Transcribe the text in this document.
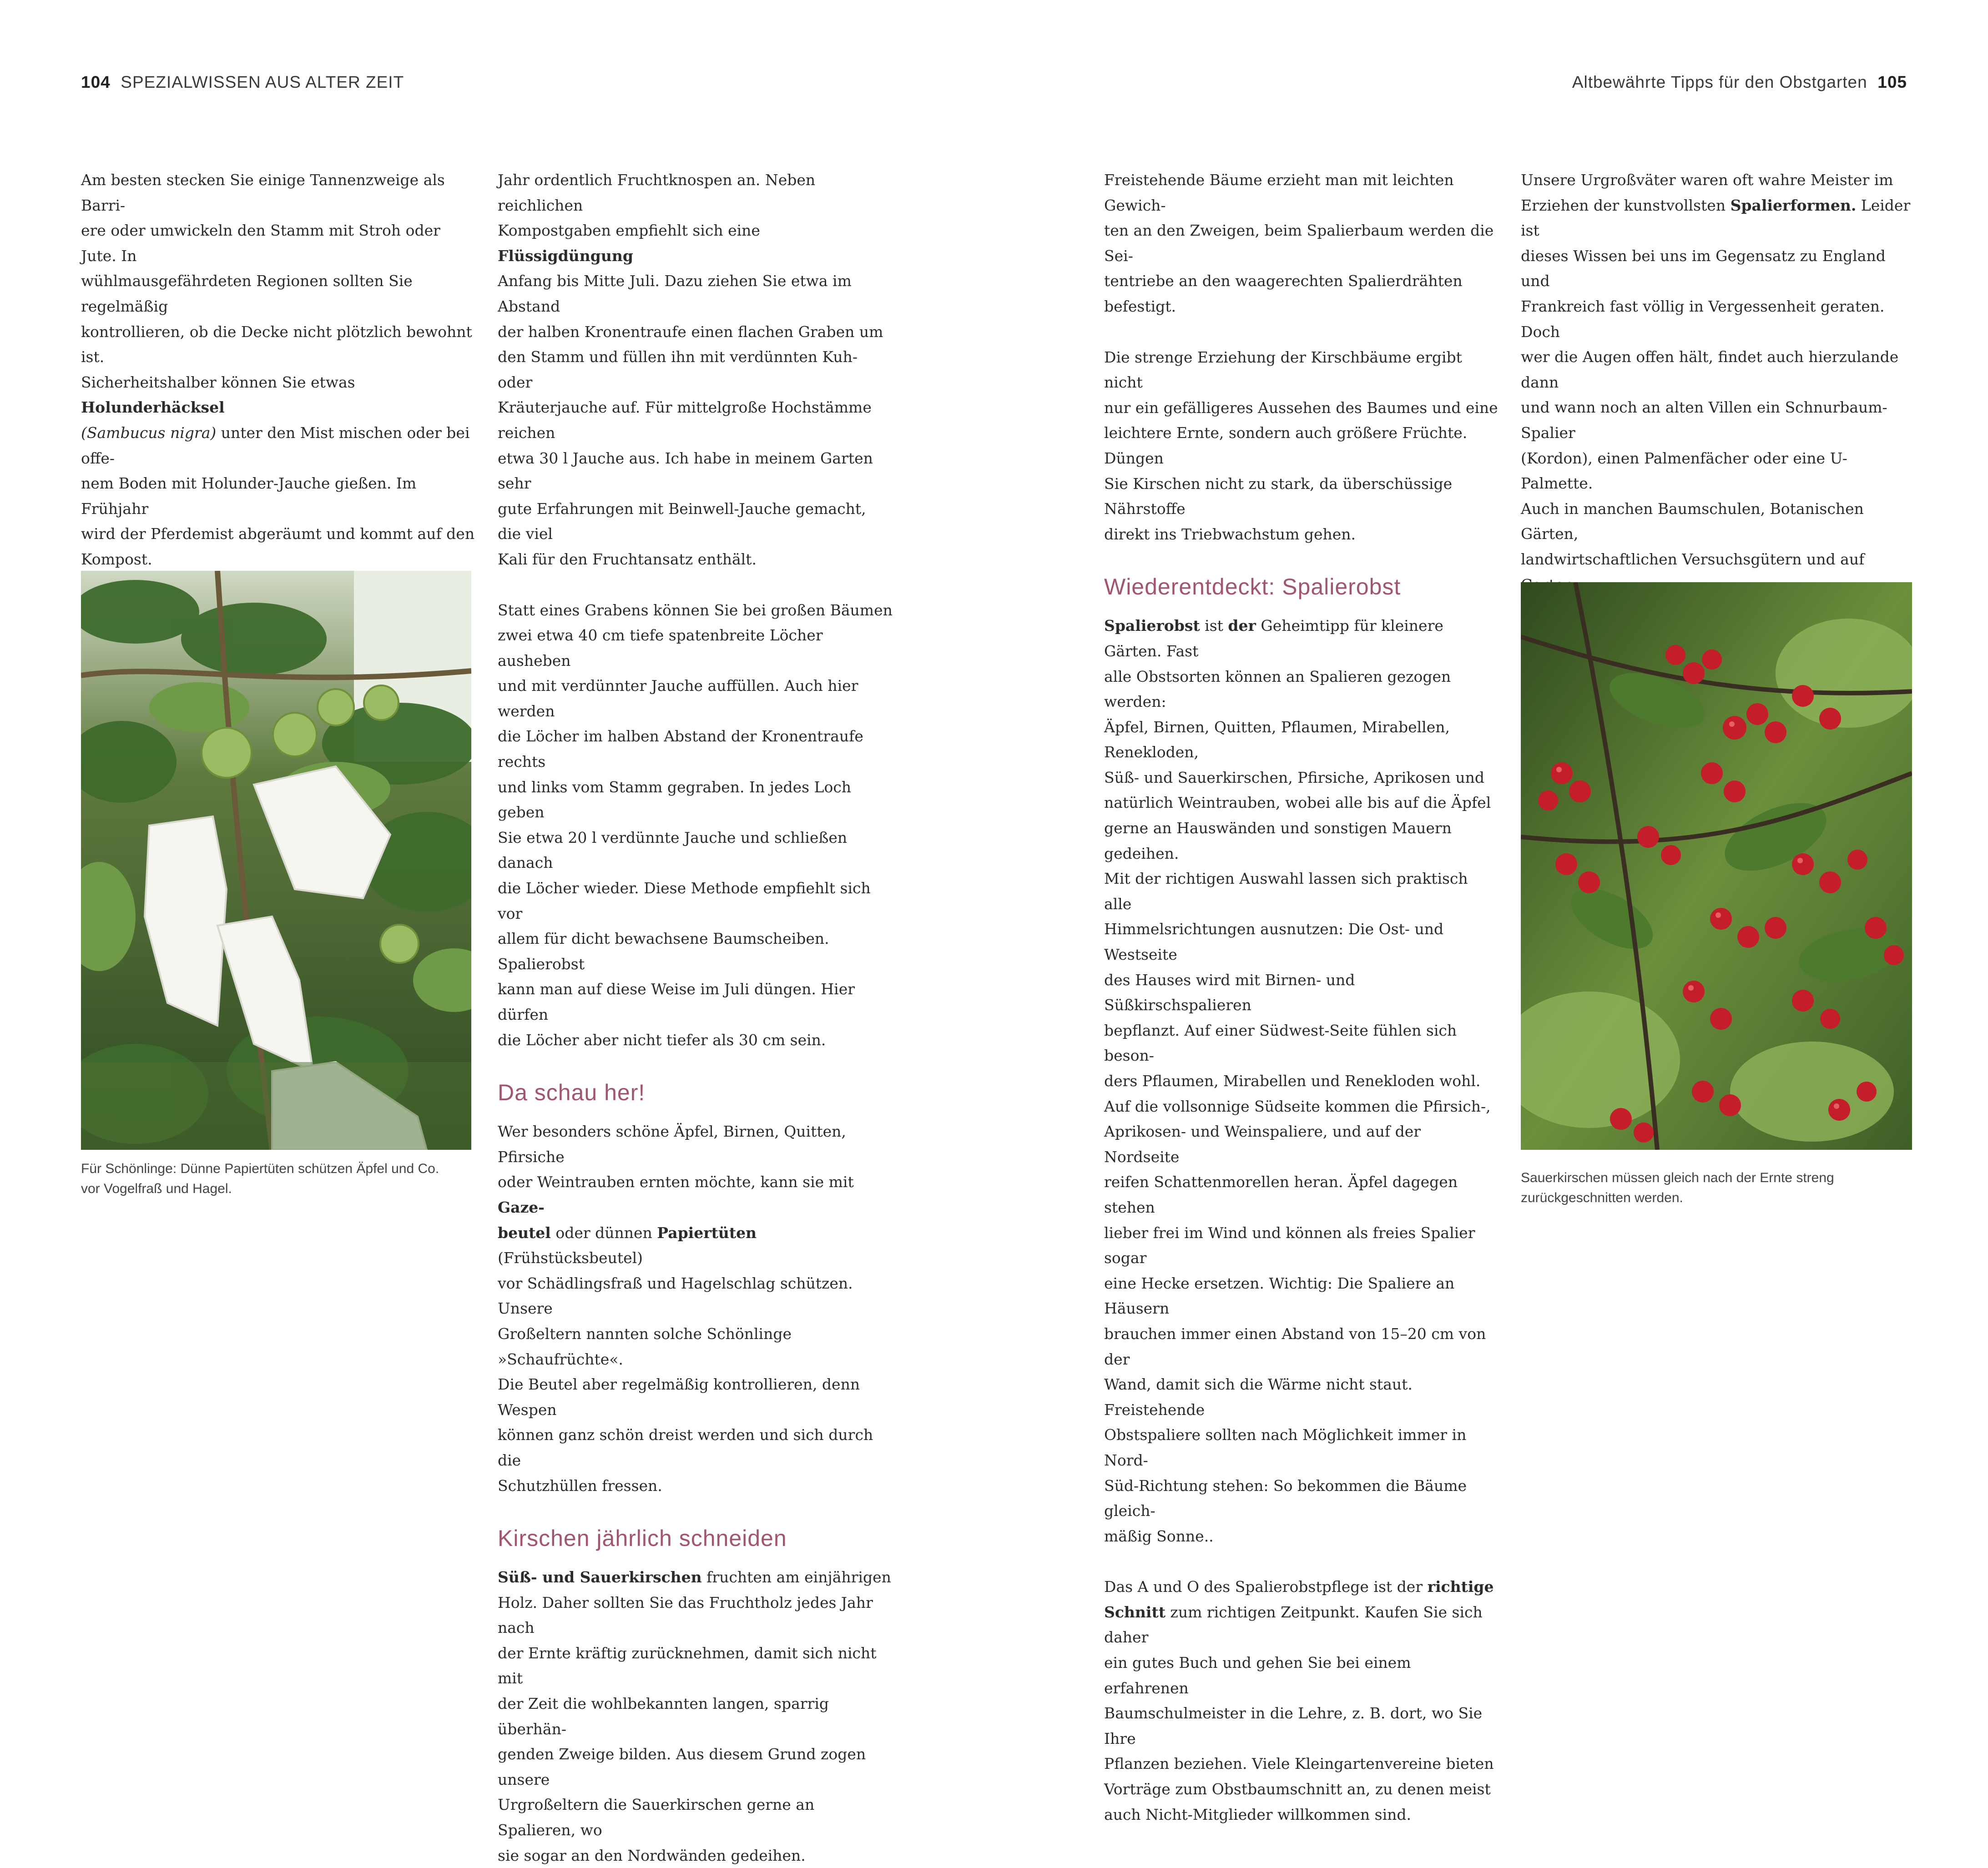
104 SPEZIALWISSEN AUS ALTER ZEIT

Am besten stecken Sie einige Tannenzweige als Barri-
ere oder umwickeln den Stamm mit Stroh oder Jute. In
wühlmausgefährdeten Regionen sollten Sie regelmäßig
kontrollieren, ob die Decke nicht plötzlich bewohnt ist.
Sicherheitshalber können Sie etwas Holunderhäcksel
(Sambucus nigra) unter den Mist mischen oder bei offe-
nem Boden mit Holunder-Jauche gießen. Im Frühjahr
wird der Pferdemist abgeräumt und kommt auf den
Kompost.

Für Schönlinge: Dünne Papiertüten schützen Äpfel und Co.
vor Vogelfraß und Hagel.

Jahr ordentlich Fruchtknospen an. Neben reichlichen
Kompostgaben empfiehlt sich eine Flüssigdüngung
Anfang bis Mitte Juli. Dazu ziehen Sie etwa im Abstand
der halben Kronentraufe einen flachen Graben um
den Stamm und füllen ihn mit verdünnten Kuh- oder
Kräuterjauche auf. Für mittelgroße Hochstämme reichen
etwa 30 l Jauche aus. Ich habe in meinem Garten sehr
gute Erfahrungen mit Beinwell-Jauche gemacht, die viel
Kali für den Fruchtansatz enthält.

Statt eines Grabens können Sie bei großen Bäumen
zwei etwa 40 cm tiefe spatenbreite Löcher ausheben
und mit verdünnter Jauche auffüllen. Auch hier werden
die Löcher im halben Abstand der Kronentraufe rechts
und links vom Stamm gegraben. In jedes Loch geben
Sie etwa 20 l verdünnte Jauche und schließen danach
die Löcher wieder. Diese Methode empfiehlt sich vor
allem für dicht bewachsene Baumscheiben. Spalierobst
kann man auf diese Weise im Juli düngen. Hier dürfen
die Löcher aber nicht tiefer als 30 cm sein.

Da schau her!

Wer besonders schöne Äpfel, Birnen, Quitten, Pfirsiche
oder Weintrauben ernten möchte, kann sie mit Gaze-
beutel oder dünnen Papiertüten (Frühstücksbeutel)
vor Schädlingsfraß und Hagelschlag schützen. Unsere
Großeltern nannten solche Schönlinge »Schaufrüchte«.
Die Beutel aber regelmäßig kontrollieren, denn Wespen
können ganz schön dreist werden und sich durch die
Schutzhüllen fressen.

Kirschen jährlich schneiden

Süß- und Sauerkirschen fruchten am einjährigen
Holz. Daher sollten Sie das Fruchtholz jedes Jahr nach
der Ernte kräftig zurücknehmen, damit sich nicht mit
der Zeit die wohlbekannten langen, sparrig überhän-
genden Zweige bilden. Aus diesem Grund zogen unsere
Urgroßeltern die Sauerkirschen gerne an Spalieren, wo
sie sogar an den Nordwänden gedeihen.

Altbewährte Tipps für den Obstgarten 105

Freistehende Bäume erzieht man mit leichten Gewich-
ten an den Zweigen, beim Spalierbaum werden die Sei-
tentriebe an den waagerechten Spalierdrähten befestigt.

Die strenge Erziehung der Kirschbäume ergibt nicht
nur ein gefälligeres Aussehen des Baumes und eine
leichtere Ernte, sondern auch größere Früchte. Düngen
Sie Kirschen nicht zu stark, da überschüssige Nährstoffe
direkt ins Triebwachstum gehen.

Wiederentdeckt: Spalierobst

Spalierobst ist der Geheimtipp für kleinere Gärten. Fast
alle Obstsorten können an Spalieren gezogen werden:
Äpfel, Birnen, Quitten, Pflaumen, Mirabellen, Reneklоden,
Süß- und Sauerkirschen, Pfirsiche, Aprikosen und
natürlich Weintrauben, wobei alle bis auf die Äpfel
gerne an Hauswänden und sonstigen Mauern gedeihen.
Mit der richtigen Auswahl lassen sich praktisch alle
Himmelsrichtungen ausnutzen: Die Ost- und Westseite
des Hauses wird mit Birnen- und Süßkirschspalieren
bepflanzt. Auf einer Südwest-Seite fühlen sich beson-
ders Pflaumen, Mirabellen und Reneklоden wohl.
Auf die vollsonnige Südseite kommen die Pfirsich-,
Aprikosen- und Weinspaliere, und auf der Nordseite
reifen Schattenmorellen heran. Äpfel dagegen stehen
lieber frei im Wind und können als freies Spalier sogar
eine Hecke ersetzen. Wichtig: Die Spaliere an Häusern
brauchen immer einen Abstand von 15–20 cm von der
Wand, damit sich die Wärme nicht staut. Freistehende
Obstspaliere sollten nach Möglichkeit immer in Nord-
Süd-Richtung stehen: So bekommen die Bäume gleich-
mäßig Sonne..

Das A und O des Spalierobstpflege ist der richtige
Schnitt zum richtigen Zeitpunkt. Kaufen Sie sich daher
ein gutes Buch und gehen Sie bei einem erfahrenen
Baumschulmeister in die Lehre, z. B. dort, wo Sie Ihre
Pflanzen beziehen. Viele Kleingartenvereine bieten
Vorträge zum Obstbaumschnitt an, zu denen meist
auch Nicht-Mitglieder willkommen sind.

Unsere Urgroßväter waren oft wahre Meister im
Erziehen der kunstvollsten Spalierformen. Leider ist
dieses Wissen bei uns im Gegensatz zu England und
Frankreich fast völlig in Vergessenheit geraten. Doch
wer die Augen offen hält, findet auch hierzulande dann
und wann noch an alten Villen ein Schnurbaum-Spalier
(Kordon), einen Palmenfächer oder eine U-Palmette.
Auch in manchen Baumschulen, Botanischen Gärten,
landwirtschaftlichen Versuchsgütern und auf

Sauerkirschen müssen gleich nach der Ernte streng
zurückgeschnitten werden.
